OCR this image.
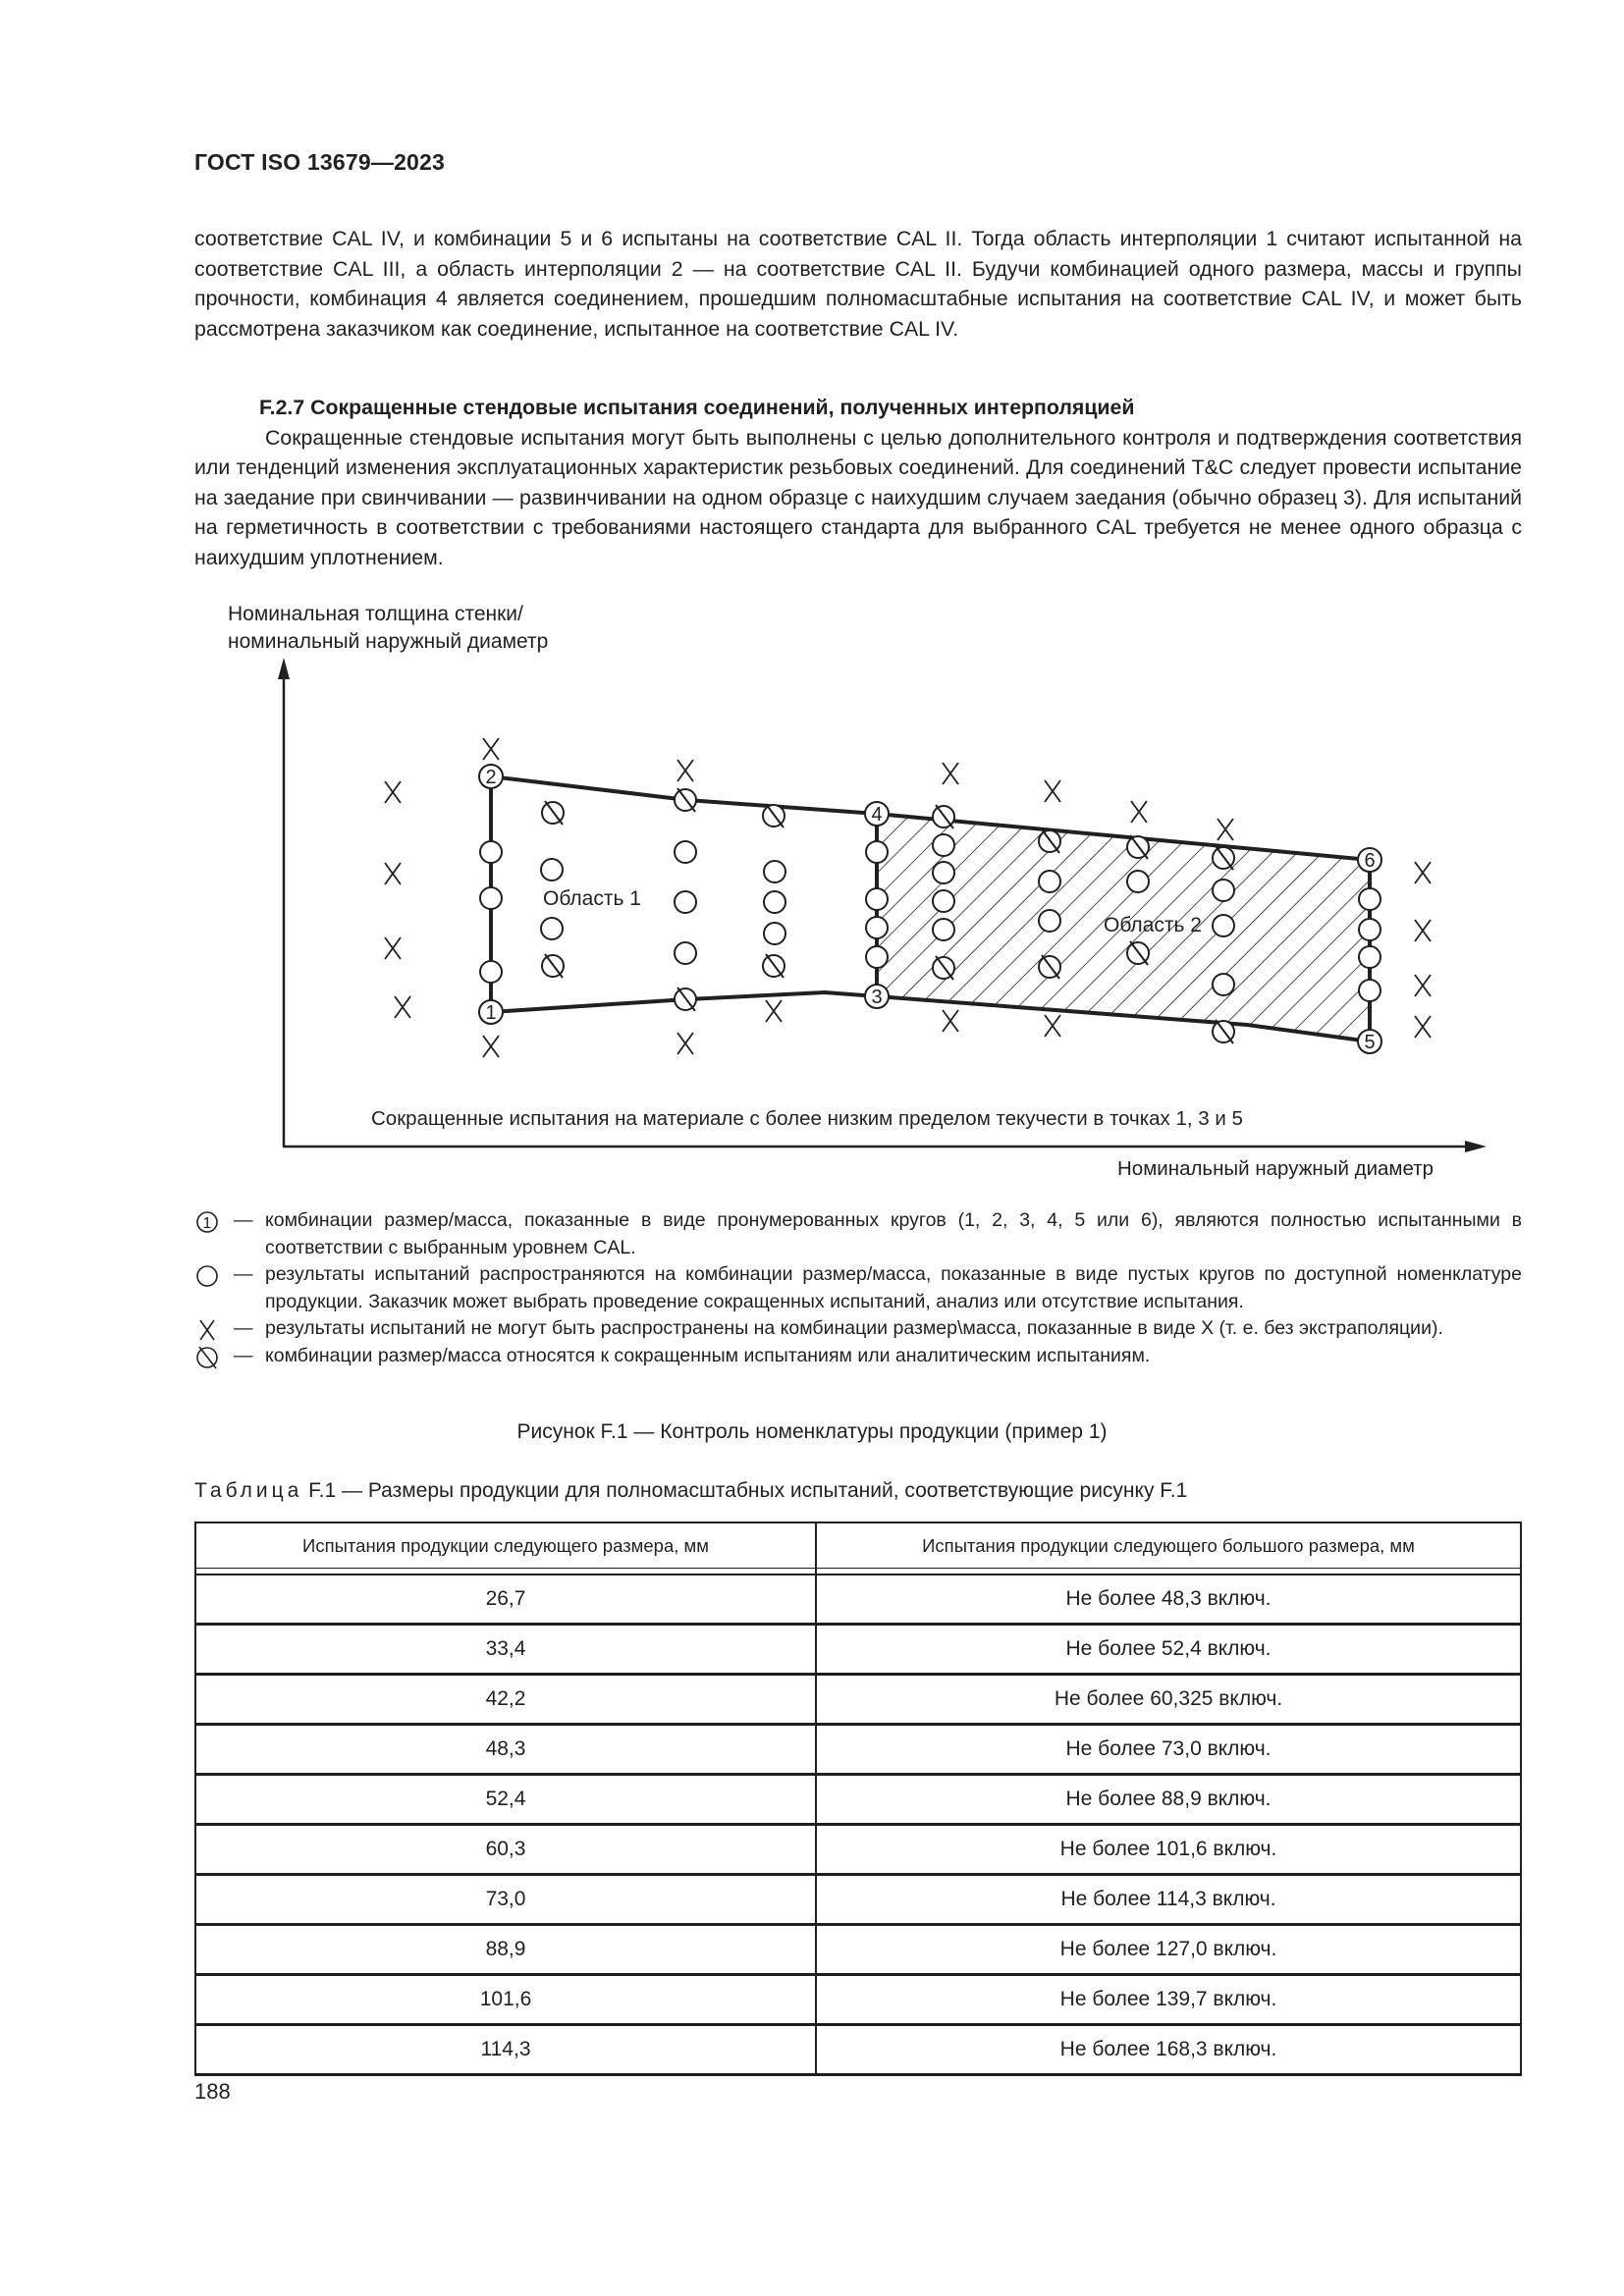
ГОСТ ISO 13679—2023

соответствие CAL IV, и комбинации 5 и 6 испытаны на соответствие CAL II. Тогда область интерполяции 1 считают испытанной на соответствие CAL III, а область интерполяции 2 — на соответствие CAL II. Будучи комбинацией одного размера, массы и группы прочности, комбинация 4 является соединением, прошедшим полномасштабные испытания на соответствие CAL IV, и может быть рассмотрена заказчиком как соединение, испытанное на соответствие CAL IV.

F.2.7 Сокращенные стендовые испытания соединений, полученных интерполяцией

Сокращенные стендовые испытания могут быть выполнены с целью дополнительного контроля и подтверждения соответствия или тенденций изменения эксплуатационных характеристик резьбовых соединений. Для соединений T&C следует провести испытание на заедание при свинчивании — развинчивании на одном образце с наихудшим случаем заедания (обычно образец 3). Для испытаний на герметичность в соответствии с требованиями настоящего стандарта для выбранного CAL требуется не менее одного образца с наихудшим уплотнением.

Номинальная толщина стенки/
номинальный наружный диаметр
1
2
3
4
5
6
Область 1
Область 2
Сокращенные испытания на материале с более низким пределом текучести в точках 1, 3 и 5
Номинальный наружный диаметр
1 — комбинации размер/масса, показанные в виде пронумерованных кругов (1, 2, 3, 4, 5 или 6), являются полностью испытанными в соответствии с выбранным уровнем CAL.
— результаты испытаний распространяются на комбинации размер/масса, показанные в виде пустых кругов по доступной номенклатуре продукции. Заказчик может выбрать проведение сокращенных испытаний, анализ или отсутствие испытания.
— результаты испытаний не могут быть распространены на комбинации размер\масса, показанные в виде X (т. е. без экстраполяции).
— комбинации размер/масса относятся к сокращенным испытаниям или аналитическим испытаниям.
Рисунок F.1 — Контроль номенклатуры продукции (пример 1)
Таблица F.1 — Размеры продукции для полномасштабных испытаний, соответствующие рисунку F.1
Испытания продукции следующего размера, мм	Испытания продукции следующего большого размера, мм

26,7	Не более 48,3 включ.
33,4	Не более 52,4 включ.
42,2	Не более 60,325 включ.
48,3	Не более 73,0 включ.
52,4	Не более 88,9 включ.
60,3	Не более 101,6 включ.
73,0	Не более 114,3 включ.
88,9	Не более 127,0 включ.
101,6	Не более 139,7 включ.
114,3	Не более 168,3 включ.
188
